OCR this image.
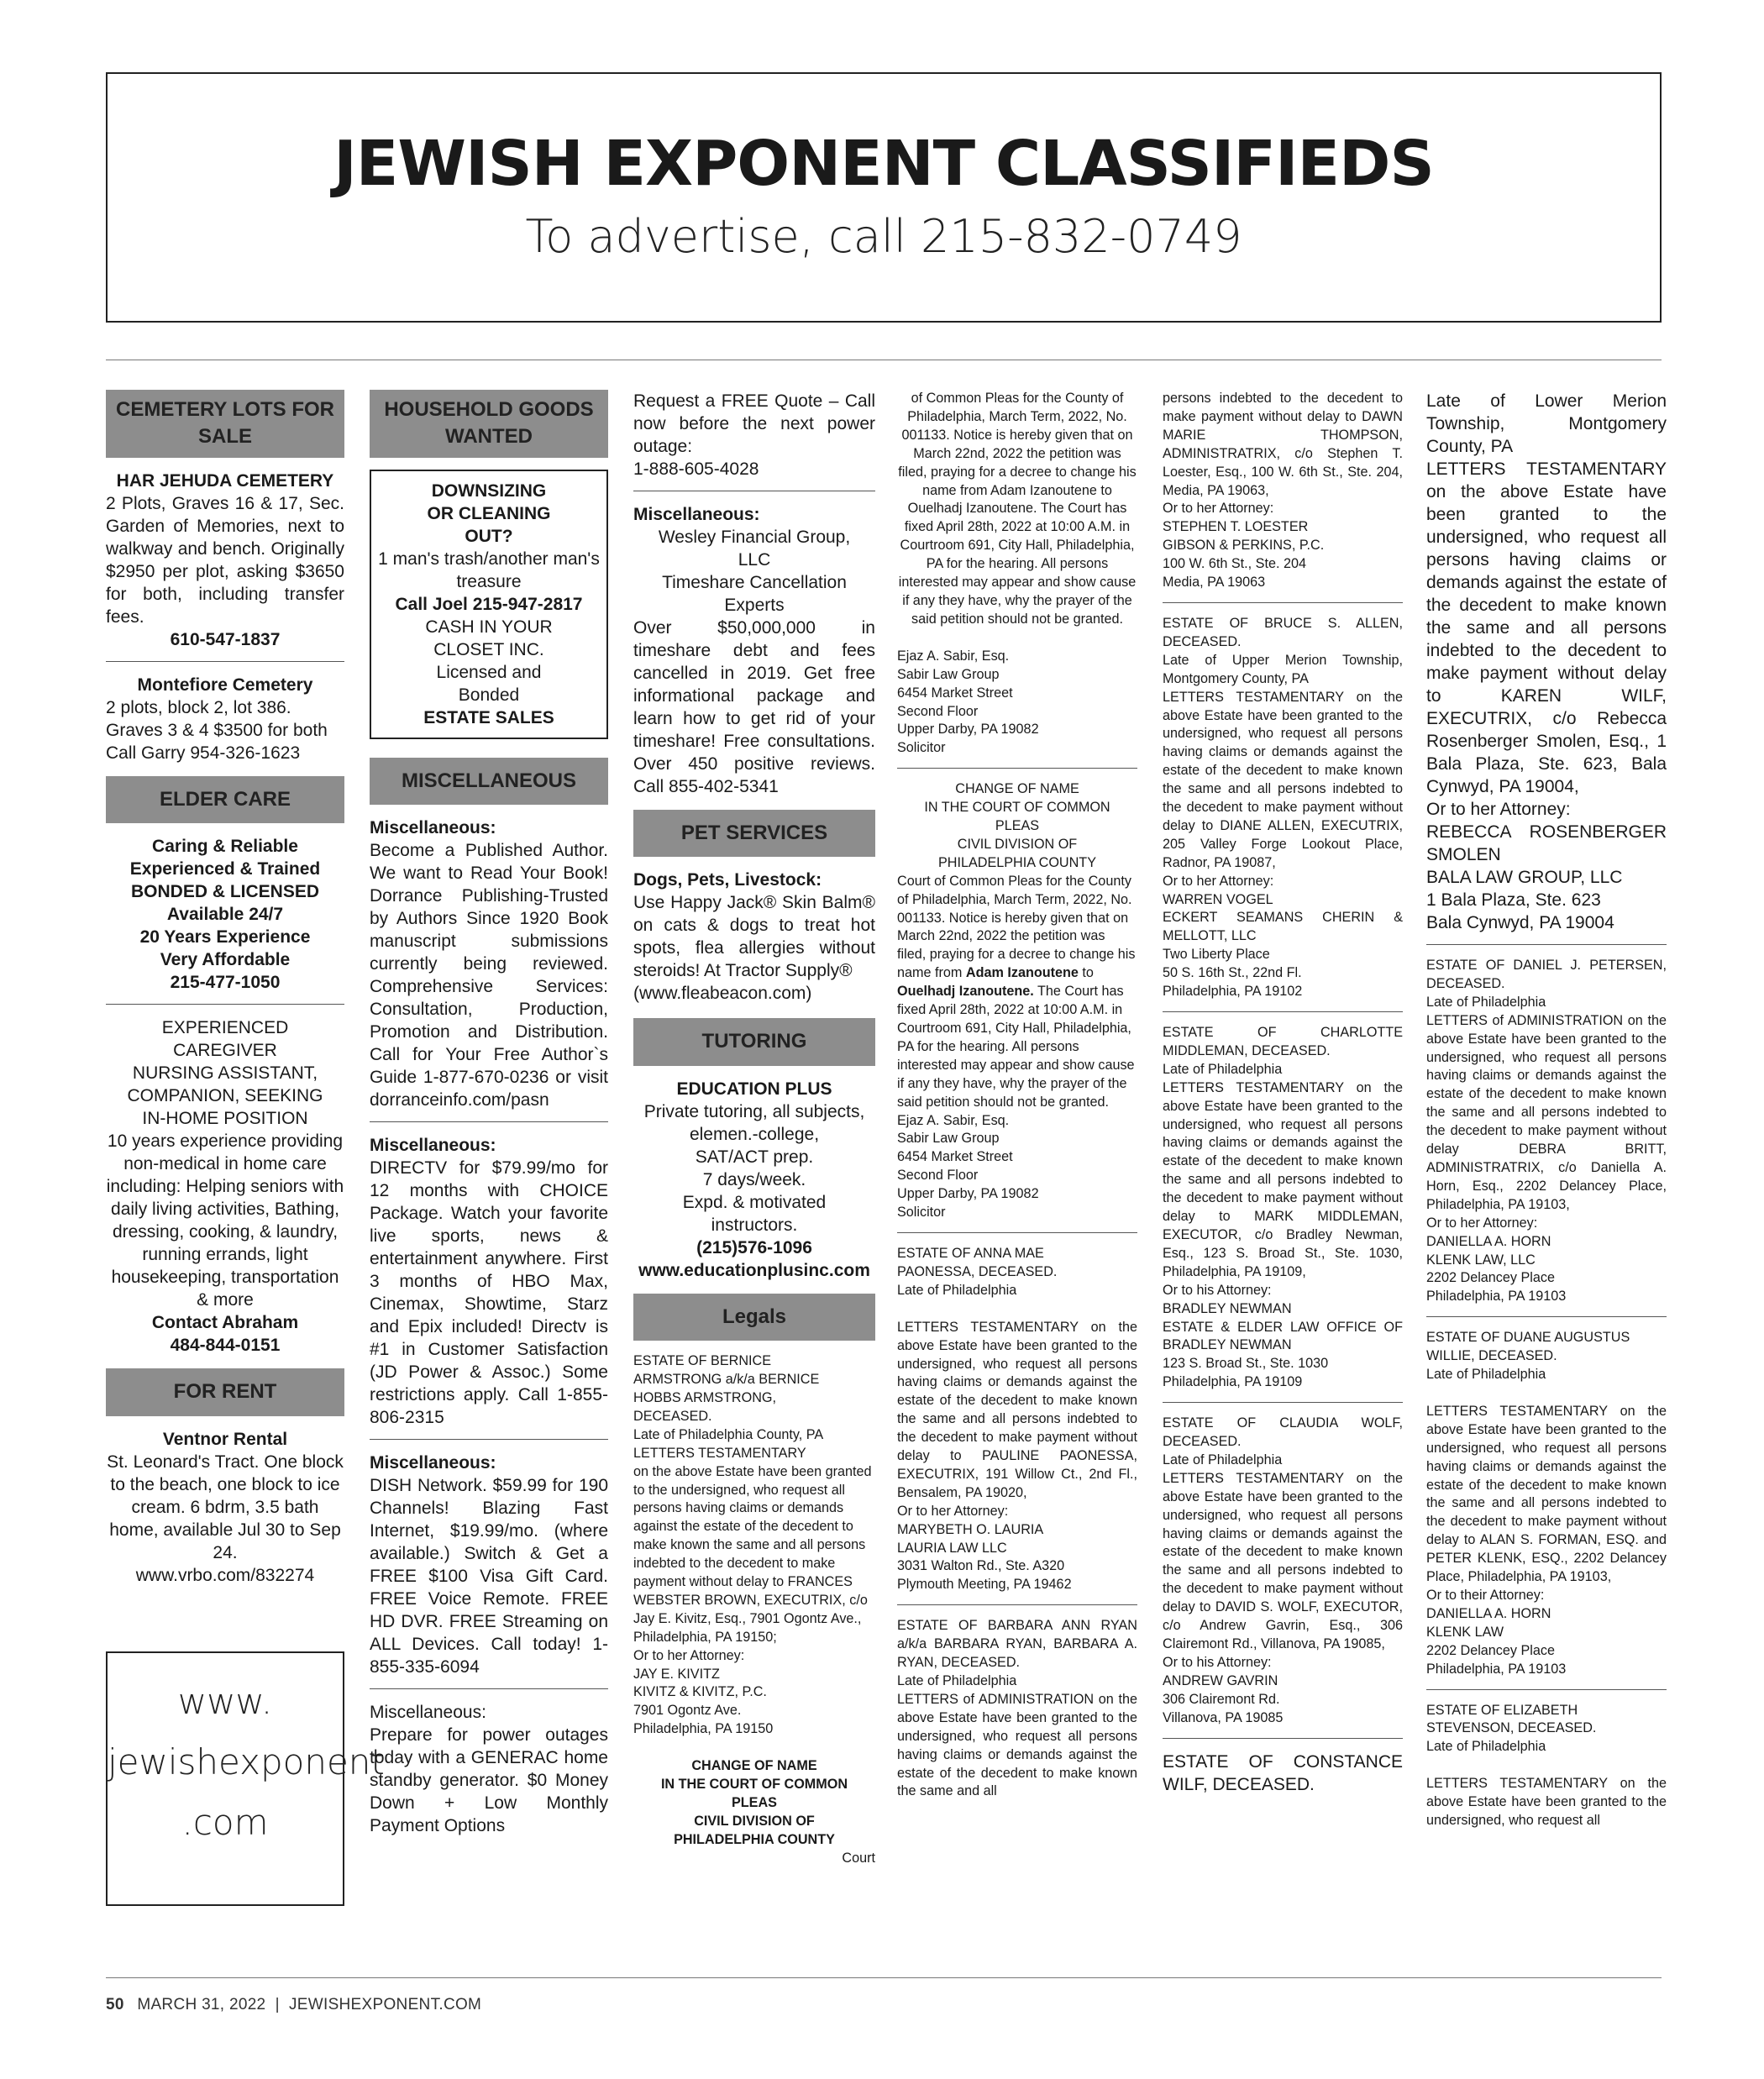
JEWISH EXPONENT CLASSIFIEDS
To advertise, call 215-832-0749
CEMETERY LOTS FOR SALE
HAR JEHUDA CEMETERY
2 Plots, Graves 16 & 17, Sec. Garden of Memories, next to walkway and bench. Originally $2950 per plot, asking $3650 for both, including transfer fees.
610-547-1837
Montefiore Cemetery
2 plots, block 2, lot 386. Graves 3 & 4 $3500 for both Call Garry 954-326-1623
ELDER CARE
Caring & Reliable
Experienced & Trained
BONDED & LICENSED
Available 24/7
20 Years Experience
Very Affordable
215-477-1050
EXPERIENCED
CAREGIVER
NURSING ASSISTANT,
COMPANION, SEEKING
IN-HOME POSITION
10 years experience providing non-medical in home care including: Helping seniors with daily living activities, Bathing, dressing, cooking, & laundry, running errands, light housekeeping, transportation & more
Contact Abraham
484-844-0151
FOR RENT
Ventnor Rental
St. Leonard's Tract. One block to the beach, one block to ice cream. 6 bdrm, 3.5 bath home, available Jul 30 to Sep 24.
www.vrbo.com/832274
www.
jewishexponent
.com
HOUSEHOLD GOODS WANTED
DOWNSIZING
OR CLEANING
OUT?
1 man's trash/another man's treasure
Call Joel 215-947-2817
CASH IN YOUR
CLOSET INC.
Licensed and
Bonded
ESTATE SALES
MISCELLANEOUS
Miscellaneous:
Become a Published Author. We want to Read Your Book! Dorrance Publishing-Trusted by Authors Since 1920 Book manuscript submissions currently being reviewed. Comprehensive Services: Consultation, Production, Promotion and Distribution. Call for Your Free Author`s Guide 1-877-670-0236 or visit dorranceinfo.com/pasn
Miscellaneous:
DIRECTV for $79.99/mo for 12 months with CHOICE Package. Watch your favorite live sports, news & entertainment anywhere. First 3 months of HBO Max, Cinemax, Showtime, Starz and Epix included! Directv is #1 in Customer Satisfaction (JD Power & Assoc.) Some restrictions apply. Call 1-855-806-2315
Miscellaneous:
DISH Network. $59.99 for 190 Channels! Blazing Fast Internet, $19.99/mo. (where available.) Switch & Get a FREE $100 Visa Gift Card. FREE Voice Remote. FREE HD DVR. FREE Streaming on ALL Devices. Call today! 1-855-335-6094
Miscellaneous:
Prepare for power outages today with a GENERAC home standby generator. $0 Money Down + Low Monthly Payment Options
Request a FREE Quote – Call now before the next power outage:
1-888-605-4028
Miscellaneous:
Wesley Financial Group,
LLC
Timeshare Cancellation
Experts
Over $50,000,000 in timeshare debt and fees cancelled in 2019. Get free informational package and learn how to get rid of your timeshare! Free consultations. Over 450 positive reviews. Call 855-402-5341
PET SERVICES
Dogs, Pets, Livestock:
Use Happy Jack® Skin Balm® on cats & dogs to treat hot spots, flea allergies without steroids! At Tractor Supply®
(www.fleabeacon.com)
TUTORING
EDUCATION PLUS
Private tutoring, all subjects, elemen.-college,
SAT/ACT prep.
7 days/week.
Expd. & motivated
instructors.
(215)576-1096
www.educationplusinc.com
Legals
ESTATE OF BERNICE
ARMSTRONG a/k/a BERNICE
HOBBS ARMSTRONG,
DECEASED.
Late of Philadelphia County, PA
LETTERS TESTAMENTARY
on the above Estate have been granted to the undersigned, who request all persons having claims or demands against the estate of the decedent to make known the same and all persons indebted to the decedent to make payment without delay to FRANCES WEBSTER BROWN, EXECUTRIX, c/o Jay E. Kivitz, Esq., 7901 Ogontz Ave., Philadelphia, PA 19150;
Or to her Attorney:
JAY E. KIVITZ
KIVITZ & KIVITZ, P.C.
7901 Ogontz Ave.
Philadelphia, PA 19150
CHANGE OF NAME
IN THE COURT OF COMMON
PLEAS
CIVIL DIVISION OF
PHILADELPHIA COUNTY
Court
of Common Pleas for the County of Philadelphia, March Term, 2022, No. 001133. Notice is hereby given that on March 22nd, 2022 the petition was filed, praying for a decree to change his name from Adam Izanoutene to Ouelhadj Izanoutene. The Court has fixed April 28th, 2022 at 10:00 A.M. in Courtroom 691, City Hall, Philadelphia, PA for the hearing. All persons interested may appear and show cause if any they have, why the prayer of the said petition should not be granted.
Ejaz A. Sabir, Esq.
Sabir Law Group
6454 Market Street
Second Floor
Upper Darby, PA 19082
Solicitor
CHANGE OF NAME
IN THE COURT OF COMMON
PLEAS
CIVIL DIVISION OF
PHILADELPHIA COUNTY
Court of Common Pleas for the County of Philadelphia, March Term, 2022, No. 001133. Notice is hereby given that on March 22nd, 2022 the petition was filed, praying for a decree to change his name from Adam Izanoutene to Ouelhadj Izanoutene. The Court has fixed April 28th, 2022 at 10:00 A.M. in Courtroom 691, City Hall, Philadelphia, PA for the hearing. All persons interested may appear and show cause if any they have, why the prayer of the said petition should not be granted.
Ejaz A. Sabir, Esq.
Sabir Law Group
6454 Market Street
Second Floor
Upper Darby, PA 19082
Solicitor
ESTATE OF ANNA MAE
PAONESSA, DECEASED.
Late of Philadelphia
LETTERS TESTAMENTARY on the above Estate have been granted to the undersigned, who request all persons having claims or demands against the estate of the decedent to make known the same and all persons indebted to the decedent to make payment without delay to PAULINE PAONESSA, EXECUTRIX, 191 Willow Ct., 2nd Fl., Bensalem, PA 19020,
Or to her Attorney:
MARYBETH O. LAURIA
LAURIA LAW LLC
3031 Walton Rd., Ste. A320
Plymouth Meeting, PA 19462
ESTATE OF BARBARA ANN RYAN a/k/a BARBARA RYAN, BARBARA A. RYAN, DECEASED.
Late of Philadelphia
LETTERS of ADMINISTRATION on the above Estate have been granted to the undersigned, who request all persons having claims or demands against the estate of the decedent to make known the same and all
persons indebted to the decedent to make payment without delay to DAWN MARIE THOMPSON, ADMINISTRATRIX, c/o Stephen T. Loester, Esq., 100 W. 6th St., Ste. 204, Media, PA 19063,
Or to her Attorney:
STEPHEN T. LOESTER
GIBSON & PERKINS, P.C.
100 W. 6th St., Ste. 204
Media, PA 19063
ESTATE OF BRUCE S. ALLEN, DECEASED.
Late of Upper Merion Township, Montgomery County, PA
LETTERS TESTAMENTARY on the above Estate have been granted to the undersigned, who request all persons having claims or demands against the estate of the decedent to make known the same and all persons indebted to the decedent to make payment without delay to DIANE ALLEN, EXECUTRIX, 205 Valley Forge Lookout Place, Radnor, PA 19087,
Or to her Attorney:
WARREN VOGEL
ECKERT SEAMANS CHERIN & MELLOTT, LLC
Two Liberty Place
50 S. 16th St., 22nd Fl.
Philadelphia, PA 19102
ESTATE OF CHARLOTTE MIDDLEMAN, DECEASED.
Late of Philadelphia
LETTERS TESTAMENTARY on the above Estate have been granted to the undersigned, who request all persons having claims or demands against the estate of the decedent to make known the same and all persons indebted to the decedent to make payment without delay to MARK MIDDLEMAN, EXECUTOR, c/o Bradley Newman, Esq., 123 S. Broad St., Ste. 1030, Philadelphia, PA 19109,
Or to his Attorney:
BRADLEY NEWMAN
ESTATE & ELDER LAW OFFICE OF BRADLEY NEWMAN
123 S. Broad St., Ste. 1030
Philadelphia, PA 19109
ESTATE OF CLAUDIA WOLF, DECEASED.
Late of Philadelphia
LETTERS TESTAMENTARY on the above Estate have been granted to the undersigned, who request all persons having claims or demands against the estate of the decedent to make known the same and all persons indebted to the decedent to make payment without delay to DAVID S. WOLF, EXECUTOR, c/o Andrew Gavrin, Esq., 306 Clairemont Rd., Villanova, PA 19085,
Or to his Attorney:
ANDREW GAVRIN
306 Clairemont Rd.
Villanova, PA 19085
ESTATE OF CONSTANCE WILF, DECEASED.
Late of Lower Merion Township, Montgomery County, PA
LETTERS TESTAMENTARY on the above Estate have been granted to the undersigned, who request all persons having claims or demands against the estate of the decedent to make known the same and all persons indebted to the decedent to make payment without delay to KAREN WILF, EXECUTRIX, c/o Rebecca Rosenberger Smolen, Esq., 1 Bala Plaza, Ste. 623, Bala Cynwyd, PA 19004,
Or to her Attorney:
REBECCA ROSENBERGER SMOLEN
BALA LAW GROUP, LLC
1 Bala Plaza, Ste. 623
Bala Cynwyd, PA 19004
ESTATE OF DANIEL J. PETERSEN, DECEASED.
Late of Philadelphia
LETTERS of ADMINISTRATION on the above Estate have been granted to the undersigned, who request all persons having claims or demands against the estate of the decedent to make known the same and all persons indebted to the decedent to make payment without delay DEBRA BRITT, ADMINISTRATRIX, c/o Daniella A. Horn, Esq., 2202 Delancey Place, Philadelphia, PA 19103,
Or to her Attorney:
DANIELLA A. HORN
KLENK LAW, LLC
2202 Delancey Place
Philadelphia, PA 19103
ESTATE OF DUANE AUGUSTUS WILLIE, DECEASED.
Late of Philadelphia
LETTERS TESTAMENTARY on the above Estate have been granted to the undersigned, who request all persons having claims or demands against the estate of the decedent to make known the same and all persons indebted to the decedent to make payment without delay to ALAN S. FORMAN, ESQ. and PETER KLENK, ESQ., 2202 Delancey Place, Philadelphia, PA 19103,
Or to their Attorney:
DANIELLA A. HORN
KLENK LAW
2202 Delancey Place
Philadelphia, PA 19103
ESTATE OF ELIZABETH STEVENSON, DECEASED.
Late of Philadelphia
LETTERS TESTAMENTARY on the above Estate have been granted to the undersigned, who request all
50 MARCH 31, 2022  |  JEWISHEXPONENT.COM
